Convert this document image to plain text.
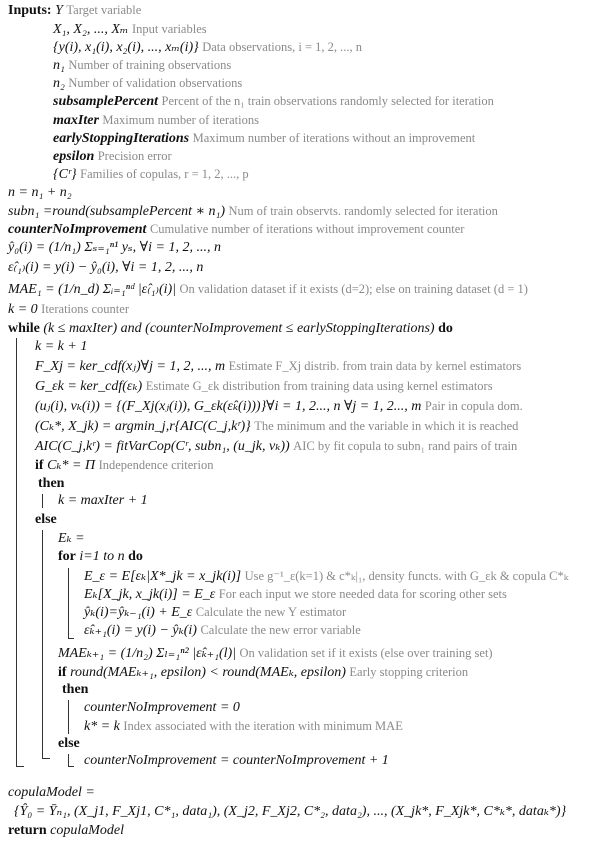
Inputs: Y Target variable
X₁, X₂, ..., Xₘ Input variables
{y(i), x₁(i), x₂(i), ..., xₘ(i)} Data observations, i = 1, 2, ..., n
n₁ Number of training observations
n₂ Number of validation observations
subsamplePercent Percent of the n₁ train observations randomly selected for iteration
maxIter Maximum number of iterations
earlyStoppingIterations Maximum number of iterations without an improvement
epsilon Precision error
{Cʳ} Families of copulas, r = 1, 2, ..., p
n = n₁ + n₂
subn₁ =round(subsamplePercent ∗ n₁) Num of train observts. randomly selected for iteration
counterNoImprovement Cumulative number of iterations without improvement counter
ŷ₀(i) = (1/n₁) Σₛ₌₁ⁿ¹ yₛ, ∀i = 1, 2, ..., n
ε̂₍₁₎(i) = y(i) − ŷ₀(i), ∀i = 1, 2, ..., n
MAE₁ = (1/n_d) Σᵢ₌₁ⁿᵈ |ε̂₍₁₎(i)| On validation dataset if it exists (d=2); else on training dataset (d = 1)
k = 0 Iterations counter
while (k ≤ maxIter) and (counterNoImprovement ≤ earlyStoppingIterations) do
k = k + 1
F_Xj = ker_cdf(xⱼ)∀j = 1, 2, ..., m Estimate F_Xj distrib. from train data by kernel estimators
G_εk = ker_cdf(εₖ) Estimate G_εk distribution from training data using kernel estimators
(uⱼ(i), vₖ(i)) = {(F_Xj(xⱼ(i)), G_εk(ε̂ₖ(i)))}∀i = 1, 2..., n ∀j = 1, 2..., m Pair in copula dom.
(Cₖ*, X_jk) = argmin_j,r{AIC(C_j,kʳ)} The minimum and the variable in which it is reached
AIC(C_j,kʳ) = fitVarCop(Cʳ, subn₁, (u_jk, vₖ)) AIC by fit copula to subn₁ rand pairs of train
if Cₖ* = Π Independence criterion
then
k = maxIter + 1
else
Eₖ =
for i=1 to n do
E_ε = E[εₖ|X*_jk = x_jk(i)] Use g⁻¹_ε(k=1) & c*ₖ|₁, density functs. with G_εk & copula C*ₖ
Eₖ[X_jk, x_jk(i)] = E_ε For each input we store needed data for scoring other sets
ŷₖ(i)=ŷₖ₋₁(i) + E_ε Calculate the new Y estimator
ε̂ₖ₊₁(i) = y(i) − ŷₖ(i) Calculate the new error variable
MAEₖ₊₁ = (1/n₂) Σₗ₌₁ⁿ² |ε̂ₖ₊₁(l)| On validation set if it exists (else over training set)
if round(MAEₖ₊₁, epsilon) < round(MAEₖ, epsilon) Early stopping criterion
then
counterNoImprovement = 0
k* = k Index associated with the iteration with minimum MAE
else
counterNoImprovement = counterNoImprovement + 1
copulaModel =
{Ŷ₀ = Ȳₙ₁, (X_j1, F_Xj1, C*₁, data₁), (X_j2, F_Xj2, C*₂, data₂), ..., (X_jk*, F_Xjk*, C*ₖ*, dataₖ*)}
return copulaModel
